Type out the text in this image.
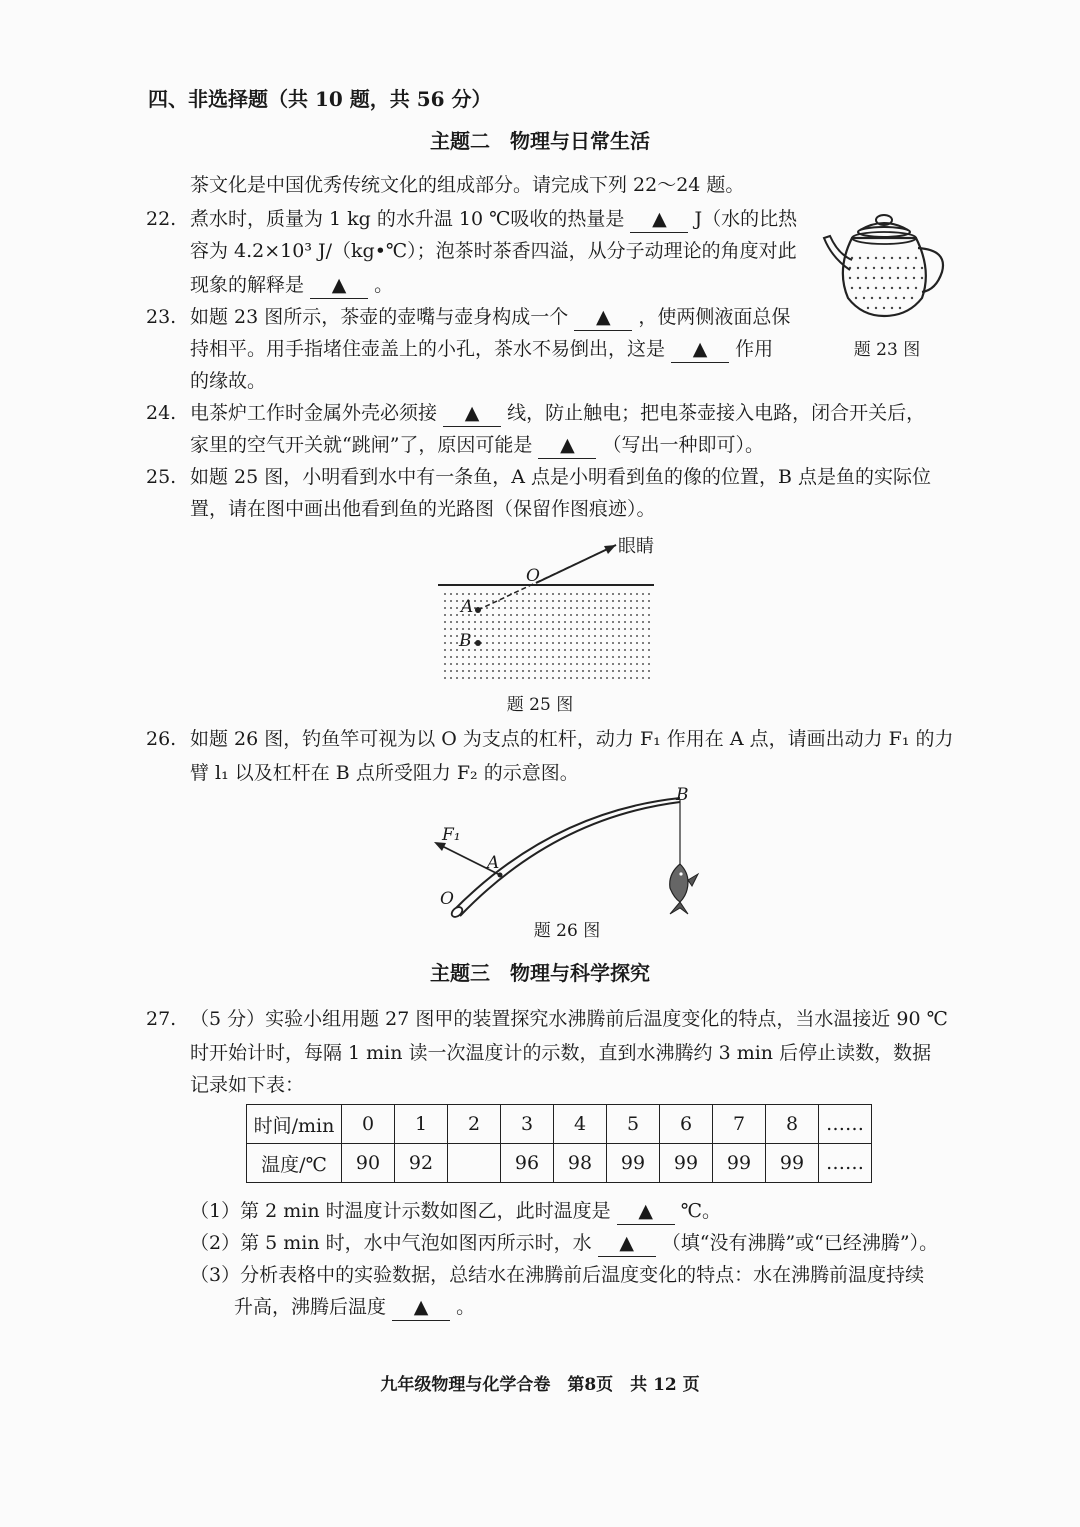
四、非选择题（共 10 题，共 56 分）
主题二　物理与日常生活
茶文化是中国优秀传统文化的组成部分。请完成下列 22～24 题。
22. 煮水时，质量为 1 kg 的水升温 10 ℃吸收的热量是 ▲ J（水的比热
容为 4.2×10³ J/（kg•℃）；泡茶时茶香四溢，从分子动理论的角度对此
现象的解释是 ▲ 。
23. 如题 23 图所示，茶壶的壶嘴与壶身构成一个 ▲ ，使两侧液面总保
持相平。用手指堵住壶盖上的小孔，茶水不易倒出，这是 ▲ 作用	题 23 图
的缘故。
24. 电茶炉工作时金属外壳必须接 ▲ 线，防止触电；把电茶壶接入电路，闭合开关后，
家里的空气开关就“跳闸”了，原因可能是 ▲ （写出一种即可）。
25. 如题 25 图，小明看到水中有一条鱼，A 点是小明看到鱼的像的位置，B 点是鱼的实际位
置，请在图中画出他看到鱼的光路图（保留作图痕迹）。
眼睛
O
A
B
题 25 图
26. 如题 26 图，钓鱼竿可视为以 O 为支点的杠杆，动力 F₁ 作用在 A 点，请画出动力 F₁ 的力
臂 l₁ 以及杠杆在 B 点所受阻力 F₂ 的示意图。
B
F₁
A
O
题 26 图
主题三　物理与科学探究
27. （5 分）实验小组用题 27 图甲的装置探究水沸腾前后温度变化的特点，当水温接近 90 ℃
时开始计时，每隔 1 min 读一次温度计的示数，直到水沸腾约 3 min 后停止读数，数据
记录如下表：
时间/min	0	1	2	3	4	5	6	7	8	……
温度/℃	90	92		96	98	99	99	99	99	……
（1）第 2 min 时温度计示数如图乙，此时温度是 ▲ ℃。
（2）第 5 min 时，水中气泡如图丙所示时，水 ▲ （填“没有沸腾”或“已经沸腾”）。
（3）分析表格中的实验数据，总结水在沸腾前后温度变化的特点：水在沸腾前温度持续
升高，沸腾后温度 ▲ 。
九年级物理与化学合卷　第8页　共 12 页
